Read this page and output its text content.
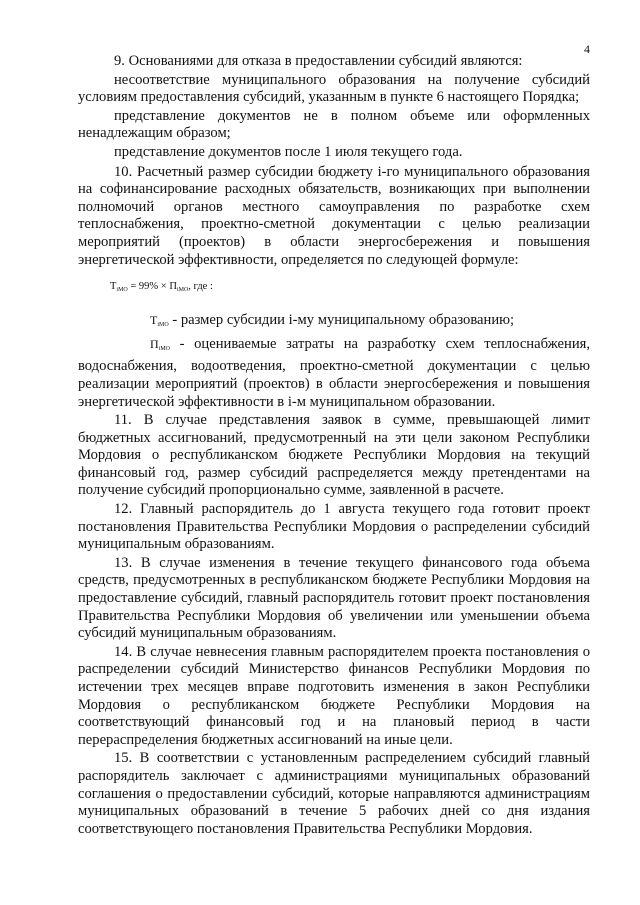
4

9. Основаниями для отказа в предоставлении субсидий являются:

несоответствие муниципального образования на получение субсидий условиям предоставления субсидий, указанным в пункте 6 настоящего Порядка;

представление документов не в полном объеме или оформленных ненадлежащим образом;

представление документов после 1 июля текущего года.

10. Расчетный размер субсидии бюджету i-го муниципального образования на софинансирование расходных обязательств, возникающих при выполнении полномочий органов местного самоуправления по разработке схем теплоснабжения, проектно-сметной документации с целью реализации мероприятий (проектов) в области энергосбережения и повышения энергетической эффективности, определяется по следующей формуле:

$T_{iMO} = 99\% \times П_{iMO}$, где :

$T_{iMO}$ - размер субсидии i-му муниципальному образованию;

$П_{iMO}$ - оцениваемые затраты на разработку схем теплоснабжения, водоснабжения, водоотведения, проектно-сметной документации с целью реализации мероприятий (проектов) в области энергосбережения и повышения энергетической эффективности в i-м муниципальном образовании.

11. В случае представления заявок в сумме, превышающей лимит бюджетных ассигнований, предусмотренный на эти цели законом Республики Мордовия о республиканском бюджете Республики Мордовия на текущий финансовый год, размер субсидий распределяется между претендентами на получение субсидий пропорционально сумме, заявленной в расчете.

12. Главный распорядитель до 1 августа текущего года готовит проект постановления Правительства Республики Мордовия о распределении субсидий муниципальным образованиям.

13. В случае изменения в течение текущего финансового года объема средств, предусмотренных в республиканском бюджете Республики Мордовия на предоставление субсидий, главный распорядитель готовит проект постановления Правительства Республики Мордовия об увеличении или уменьшении объема субсидий муниципальным образованиям.

14. В случае невнесения главным распорядителем проекта постановления о распределении субсидий Министерство финансов Республики Мордовия по истечении трех месяцев вправе подготовить изменения в закон Республики Мордовия о республиканском бюджете Республики Мордовия на соответствующий финансовый год и на плановый период в части перераспределения бюджетных ассигнований на иные цели.

15. В соответствии с установленным распределением субсидий главный распорядитель заключает с администрациями муниципальных образований соглашения о предоставлении субсидий, которые направляются администрациям муниципальных образований в течение 5 рабочих дней со дня издания соответствующего постановления Правительства Республики Мордовия.
